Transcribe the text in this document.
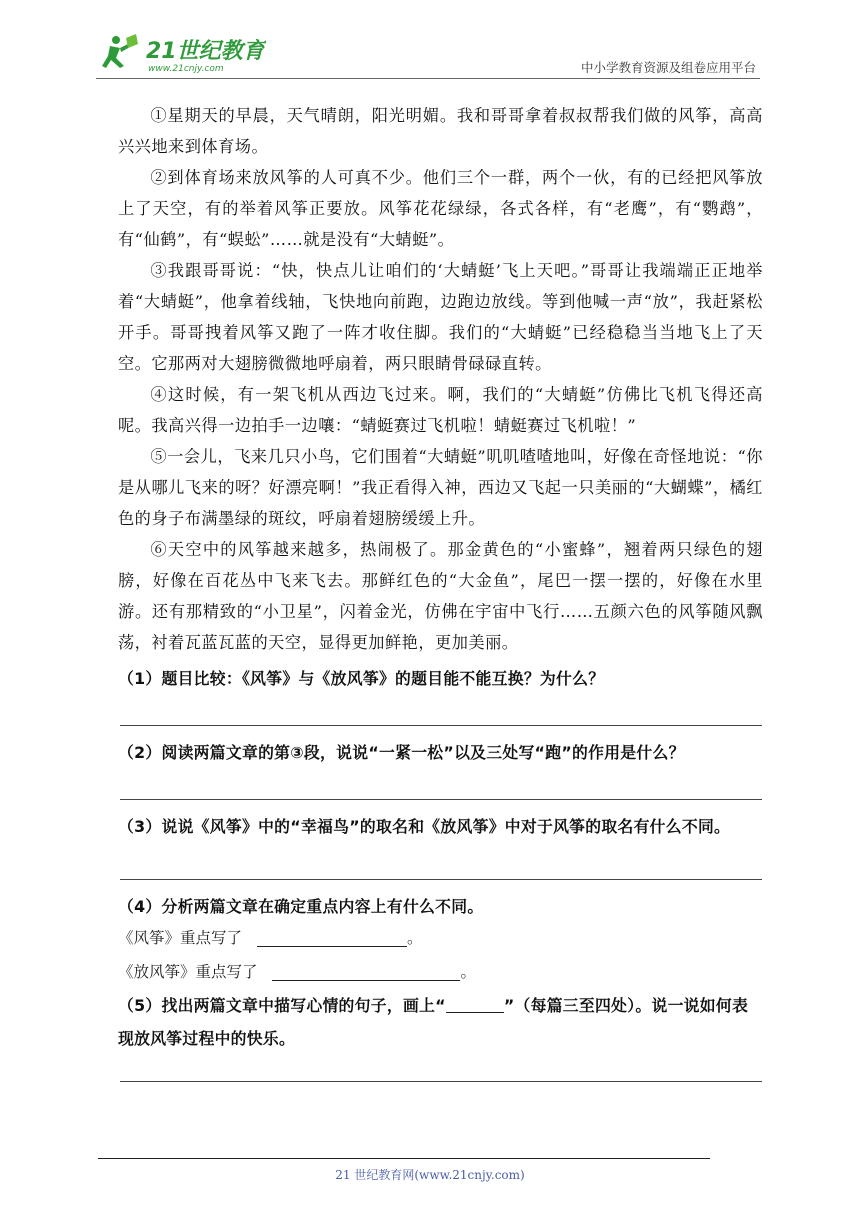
21世纪教育
www.21cnjy.com	中小学教育资源及组卷应用平台

①星期天的早晨，天气晴朗，阳光明媚。我和哥哥拿着叔叔帮我们做的风筝，高高兴兴地来到体育场。

②到体育场来放风筝的人可真不少。他们三个一群，两个一伙，有的已经把风筝放上了天空，有的举着风筝正要放。风筝花花绿绿，各式各样，有“老鹰”，有“鹦鹉”，有“仙鹤”，有“蜈蚣”……就是没有“大蜻蜓”。

③我跟哥哥说：“快，快点儿让咱们的‘大蜻蜓’飞上天吧。”哥哥让我端端正正地举着“大蜻蜓”，他拿着线轴，飞快地向前跑，边跑边放线。等到他喊一声“放”，我赶紧松开手。哥哥拽着风筝又跑了一阵才收住脚。我们的“大蜻蜓”已经稳稳当当地飞上了天空。它那两对大翅膀微微地呼扇着，两只眼睛骨碌碌直转。

④这时候，有一架飞机从西边飞过来。啊，我们的“大蜻蜓”仿佛比飞机飞得还高呢。我高兴得一边拍手一边嚷：“蜻蜓赛过飞机啦！蜻蜓赛过飞机啦！”

⑤一会儿，飞来几只小鸟，它们围着“大蜻蜓”叽叽喳喳地叫，好像在奇怪地说：“你是从哪儿飞来的呀？好漂亮啊！”我正看得入神，西边又飞起一只美丽的“大蝴蝶”，橘红色的身子布满墨绿的斑纹，呼扇着翅膀缓缓上升。

⑥天空中的风筝越来越多，热闹极了。那金黄色的“小蜜蜂”，翘着两只绿色的翅膀，好像在百花丛中飞来飞去。那鲜红色的“大金鱼”，尾巴一摆一摆的，好像在水里游。还有那精致的“小卫星”，闪着金光，仿佛在宇宙中飞行……五颜六色的风筝随风飘荡，衬着瓦蓝瓦蓝的天空，显得更加鲜艳，更加美丽。

（1）题目比较：《风筝》与《放风筝》的题目能不能互换？为什么？

（2）阅读两篇文章的第③段，说说“一紧一松”以及三处写“跑”的作用是什么？

（3）说说《风筝》中的“幸福鸟”的取名和《放风筝》中对于风筝的取名有什么不同。

（4）分析两篇文章在确定重点内容上有什么不同。

《风筝》重点写了	。

《放风筝》重点写了	。

（5）找出两篇文章中描写心情的句子，画上“	”（每篇三至四处）。说一说如何表现放风筝过程中的快乐。

21 世纪教育网(www.21cnjy.com)
